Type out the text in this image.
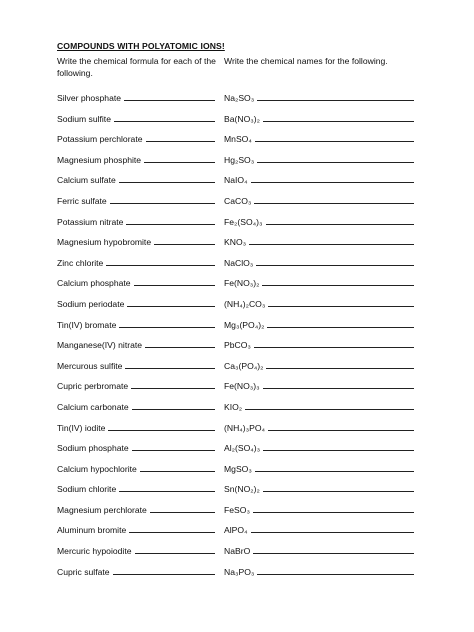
COMPOUNDS WITH POLYATOMIC IONS!
Write the chemical formula for each of the following.
Write the chemical names for the following.
Silver phosphate	Na₂SO₃
Sodium sulfite	Ba(NO₃)₂
Potassium perchlorate	MnSO₄
Magnesium phosphite	Hg₂SO₃
Calcium sulfate	NaIO₄
Ferric sulfate	CaCO₃
Potassium nitrate	Fe₂(SO₄)₃
Magnesium hypobromite	KNO₃
Zinc chlorite	NaClO₃
Calcium phosphate	Fe(NO₃)₂
Sodium periodate	(NH₄)₂CO₃
Tin(IV) bromate	Mg₃(PO₄)₂
Manganese(IV) nitrate	PbCO₃
Mercurous sulfite	Ca₃(PO₄)₂
Cupric perbromate	Fe(NO₃)₃
Calcium carbonate	KIO₂
Tin(IV) iodite	(NH₄)₃PO₄
Sodium phosphate	Al₂(SO₄)₃
Calcium hypochlorite	MgSO₃
Sodium chlorite	Sn(NO₂)₂
Magnesium perchlorate	FeSO₃
Aluminum bromite	AlPO₄
Mercuric hypoiodite	NaBrO
Cupric sulfate	Na₃PO₃
